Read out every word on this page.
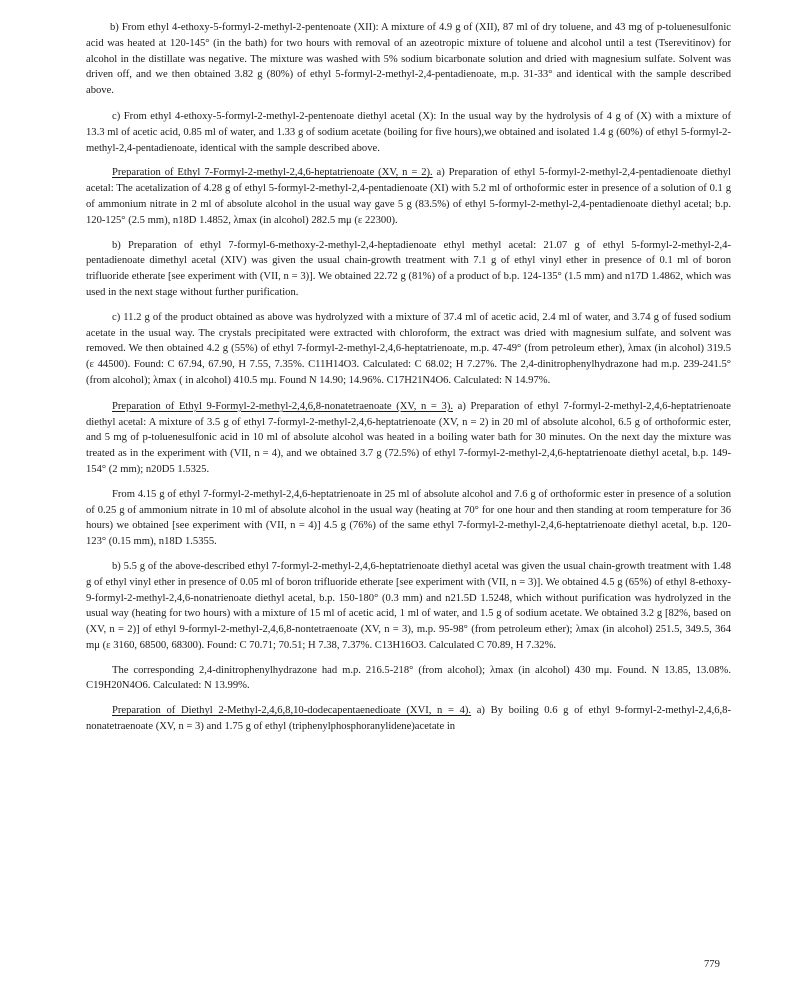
b) From ethyl 4-ethoxy-5-formyl-2-methyl-2-pentenoate (XII): A mixture of 4.9 g of (XII), 87 ml of dry toluene, and 43 mg of p-toluenesulfonic acid was heated at 120-145° (in the bath) for two hours with removal of an azeotropic mixture of toluene and alcohol until a test (Tserevitinov) for alcohol in the distillate was negative. The mixture was washed with 5% sodium bicarbonate solution and dried with magnesium sulfate. Solvent was driven off, and we then obtained 3.82 g (80%) of ethyl 5-formyl-2-methyl-2,4-pentadienoate, m.p. 31-33° and identical with the sample described above.

c) From ethyl 4-ethoxy-5-formyl-2-methyl-2-pentenoate diethyl acetal (X): In the usual way by the hydrolysis of 4 g of (X) with a mixture of 13.3 ml of acetic acid, 0.85 ml of water, and 1.33 g of sodium acetate (boiling for five hours),we obtained and isolated 1.4 g (60%) of ethyl 5-formyl-2-methyl-2,4-pentadienoate, identical with the sample described above.

Preparation of Ethyl 7-Formyl-2-methyl-2,4,6-heptatrienoate (XV, n = 2). a) Preparation of ethyl 5-formyl-2-methyl-2,4-pentadienoate diethyl acetal: The acetalization of 4.28 g of ethyl 5-formyl-2-methyl-2,4-pentadienoate (XI) with 5.2 ml of orthoformic ester in presence of a solution of 0.1 g of ammonium nitrate in 2 ml of absolute alcohol in the usual way gave 5 g (83.5%) of ethyl 5-formyl-2-methyl-2,4-pentadienoate diethyl acetal; b.p. 120-125° (2.5 mm), n18D 1.4852, λmax (in alcohol) 282.5 mμ (ε 22300).

b) Preparation of ethyl 7-formyl-6-methoxy-2-methyl-2,4-heptadienoate ethyl methyl acetal: 21.07 g of ethyl 5-formyl-2-methyl-2,4-pentadienoate dimethyl acetal (XIV) was given the usual chain-growth treatment with 7.1 g of ethyl vinyl ether in presence of 0.1 ml of boron trifluoride etherate [see experiment with (VII, n = 3)]. We obtained 22.72 g (81%) of a product of b.p. 124-135° (1.5 mm) and n17D 1.4862, which was used in the next stage without further purification.

c) 11.2 g of the product obtained as above was hydrolyzed with a mixture of 37.4 ml of acetic acid, 2.4 ml of water, and 3.74 g of fused sodium acetate in the usual way. The crystals precipitated were extracted with chloroform, the extract was dried with magnesium sulfate, and solvent was removed. We then obtained 4.2 g (55%) of ethyl 7-formyl-2-methyl-2,4,6-heptatrienoate, m.p. 47-49° (from petroleum ether), λmax (in alcohol) 319.5 (ε 44500). Found: C 67.94, 67.90, H 7.55, 7.35%. C11H14O3. Calculated: C 68.02; H 7.27%. The 2,4-dinitrophenylhydrazone had m.p. 239-241.5° (from alcohol); λmax ( in alcohol) 410.5 mμ. Found N 14.90; 14.96%. C17H21N4O6. Calculated: N 14.97%.

Preparation of Ethyl 9-Formyl-2-methyl-2,4,6,8-nonatetraenoate (XV, n = 3). a) Preparation of ethyl 7-formyl-2-methyl-2,4,6-heptatrienoate diethyl acetal: A mixture of 3.5 g of ethyl 7-formyl-2-methyl-2,4,6-heptatrienoate (XV, n = 2) in 20 ml of absolute alcohol, 6.5 g of orthoformic ester, and 5 mg of p-toluenesulfonic acid in 10 ml of absolute alcohol was heated in a boiling water bath for 30 minutes. On the next day the mixture was treated as in the experiment with (VII, n = 4), and we obtained 3.7 g (72.5%) of ethyl 7-formyl-2-methyl-2,4,6-heptatrienoate diethyl acetal, b.p. 149-154° (2 mm); n20D5 1.5325.

From 4.15 g of ethyl 7-formyl-2-methyl-2,4,6-heptatrienoate in 25 ml of absolute alcohol and 7.6 g of orthoformic ester in presence of a solution of 0.25 g of ammonium nitrate in 10 ml of absolute alcohol in the usual way (heating at 70° for one hour and then standing at room temperature for 36 hours) we obtained [see experiment with (VII, n = 4)] 4.5 g (76%) of the same ethyl 7-formyl-2-methyl-2,4,6-heptatrienoate diethyl acetal, b.p. 120-123° (0.15 mm), n18D 1.5355.

b) 5.5 g of the above-described ethyl 7-formyl-2-methyl-2,4,6-heptatrienoate diethyl acetal was given the usual chain-growth treatment with 1.48 g of ethyl vinyl ether in presence of 0.05 ml of boron trifluoride etherate [see experiment with (VII, n = 3)]. We obtained 4.5 g (65%) of ethyl 8-ethoxy-9-formyl-2-methyl-2,4,6-nonatrienoate diethyl acetal, b.p. 150-180° (0.3 mm) and n21.5D 1.5248, which without purification was hydrolyzed in the usual way (heating for two hours) with a mixture of 15 ml of acetic acid, 1 ml of water, and 1.5 g of sodium acetate. We obtained 3.2 g [82%, based on (XV, n = 2)] of ethyl 9-formyl-2-methyl-2,4,6,8-nontetraenoate (XV, n = 3), m.p. 95-98° (from petroleum ether); λmax (in alcohol) 251.5, 349.5, 364 mμ (ε 3160, 68500, 68300). Found: C 70.71; 70.51; H 7.38, 7.37%. C13H16O3. Calculated C 70.89, H 7.32%.

The corresponding 2,4-dinitrophenylhydrazone had m.p. 216.5-218° (from alcohol); λmax (in alcohol) 430 mμ. Found. N 13.85, 13.08%. C19H20N4O6. Calculated: N 13.99%.

Preparation of Diethyl 2-Methyl-2,4,6,8,10-dodecapentaenedioate (XVI, n = 4). a) By boiling 0.6 g of ethyl 9-formyl-2-methyl-2,4,6,8-nonatetraenoate (XV, n = 3) and 1.75 g of ethyl (triphenylphosphoranylidene)acetate in

779
